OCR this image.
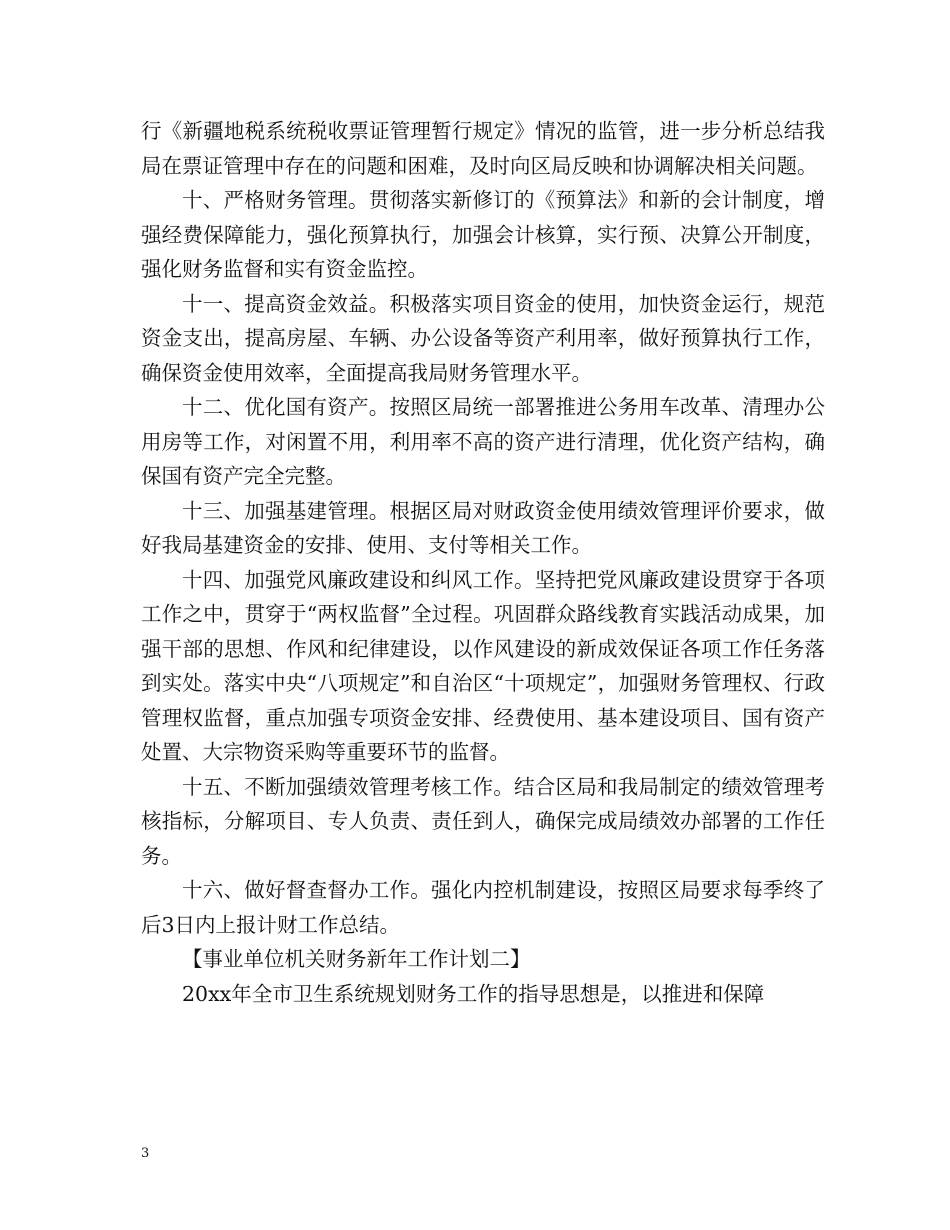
行《新疆地税系统税收票证管理暂行规定》情况的监管，进一步分析总结我局在票证管理中存在的问题和困难，及时向区局反映和协调解决相关问题。

十、严格财务管理。贯彻落实新修订的《预算法》和新的会计制度，增强经费保障能力，强化预算执行，加强会计核算，实行预、决算公开制度，强化财务监督和实有资金监控。

十一、提高资金效益。积极落实项目资金的使用，加快资金运行，规范资金支出，提高房屋、车辆、办公设备等资产利用率，做好预算执行工作，确保资金使用效率，全面提高我局财务管理水平。

十二、优化国有资产。按照区局统一部署推进公务用车改革、清理办公用房等工作，对闲置不用，利用率不高的资产进行清理，优化资产结构，确保国有资产完全完整。

十三、加强基建管理。根据区局对财政资金使用绩效管理评价要求，做好我局基建资金的安排、使用、支付等相关工作。

十四、加强党风廉政建设和纠风工作。坚持把党风廉政建设贯穿于各项工作之中，贯穿于“两权监督”全过程。巩固群众路线教育实践活动成果，加强干部的思想、作风和纪律建设，以作风建设的新成效保证各项工作任务落到实处。落实中央“八项规定”和自治区“十项规定”，加强财务管理权、行政管理权监督，重点加强专项资金安排、经费使用、基本建设项目、国有资产处置、大宗物资采购等重要环节的监督。

十五、不断加强绩效管理考核工作。结合区局和我局制定的绩效管理考核指标，分解项目、专人负责、责任到人，确保完成局绩效办部署的工作任务。

十六、做好督查督办工作。强化内控机制建设，按照区局要求每季终了后3日内上报计财工作总结。

【事业单位机关财务新年工作计划二】

20xx年全市卫生系统规划财务工作的指导思想是，以推进和保障

3
